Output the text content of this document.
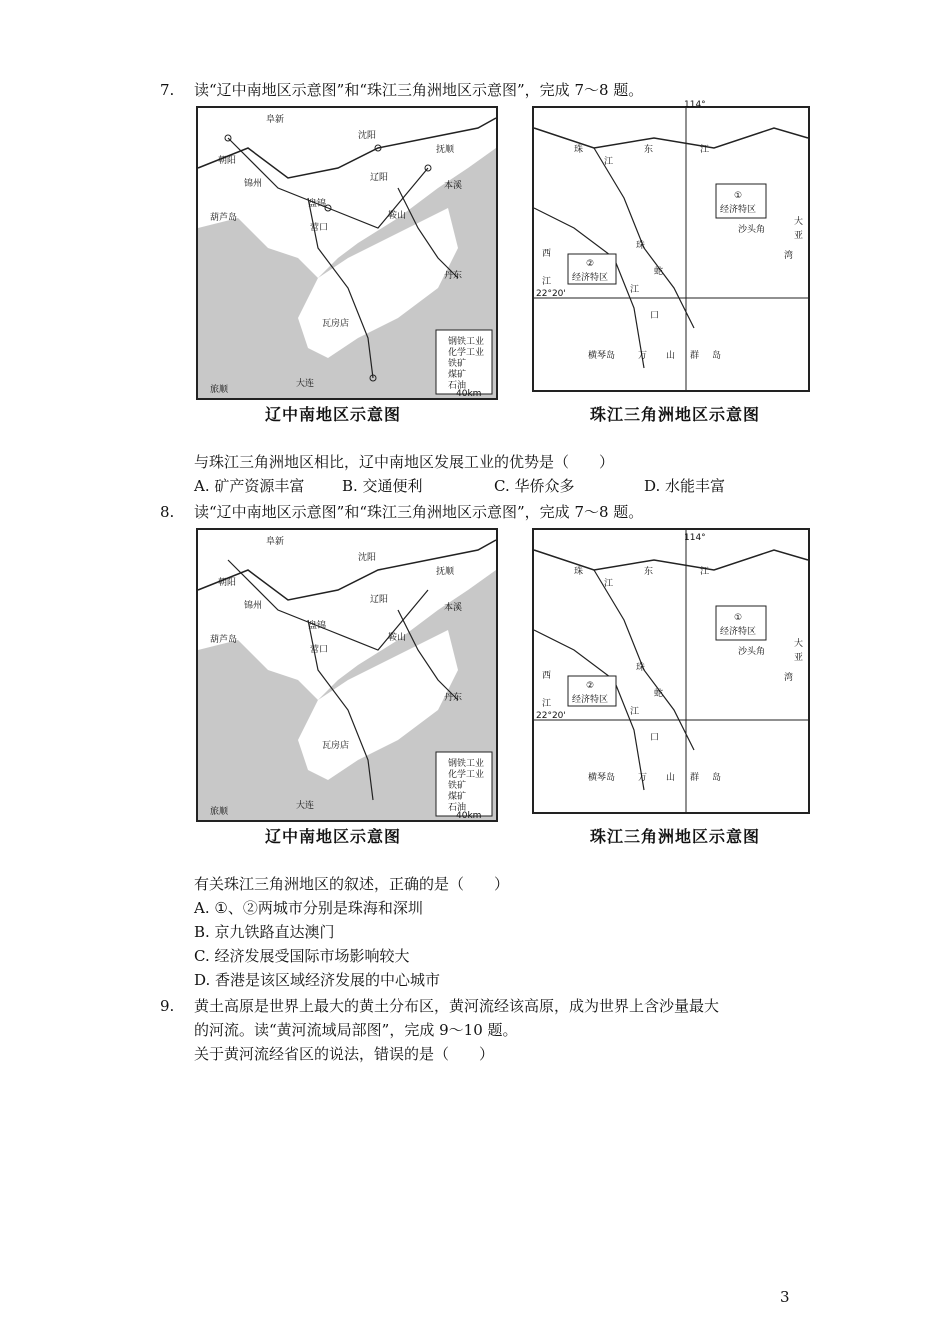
7. 读“辽中南地区示意图”和“珠江三角洲地区示意图”，完成 7～8 题。
阜新
朝阳
锦州
沈阳
抚顺
辽阳
本溪
鞍山
盘锦
营口
葫芦岛
丹东
瓦房店
大连
旅顺
钢铁工业
化学工业
铁矿
煤矿
石油
40km
辽中南地区示意图
114°
22°20'
珠
江
东	江
①
经济特区
②
经济特区
西
江
珠
蛇
江
口
沙头角
大
亚
湾
横琴岛	万 山 群 岛
珠江三角洲地区示意图
与珠江三角洲地区相比，辽中南地区发展工业的优势是（　　）
A. 矿产资源丰富	B. 交通便利	C. 华侨众多	D. 水能丰富
8. 读“辽中南地区示意图”和“珠江三角洲地区示意图”，完成 7～8 题。
阜新
朝阳
锦州
沈阳
抚顺
辽阳
本溪
鞍山
盘锦
营口
葫芦岛
丹东
瓦房店
大连
旅顺
钢铁工业
化学工业
铁矿
煤矿
石油
40km
辽中南地区示意图
114°
22°20'
珠
江
东	江
①
经济特区
②
经济特区
西
江
珠
蛇
江
口
沙头角
大
亚
湾
横琴岛	万 山 群 岛
珠江三角洲地区示意图
有关珠江三角洲地区的叙述，正确的是（　　）
A. ①、②两城市分别是珠海和深圳
B. 京九铁路直达澳门
C. 经济发展受国际市场影响较大
D. 香港是该区域经济发展的中心城市
9. 黄土高原是世界上最大的黄土分布区，黄河流经该高原，成为世界上含沙量最大
的河流。读“黄河流域局部图”，完成 9～10 题。
关于黄河流经省区的说法，错误的是（　　）
3
